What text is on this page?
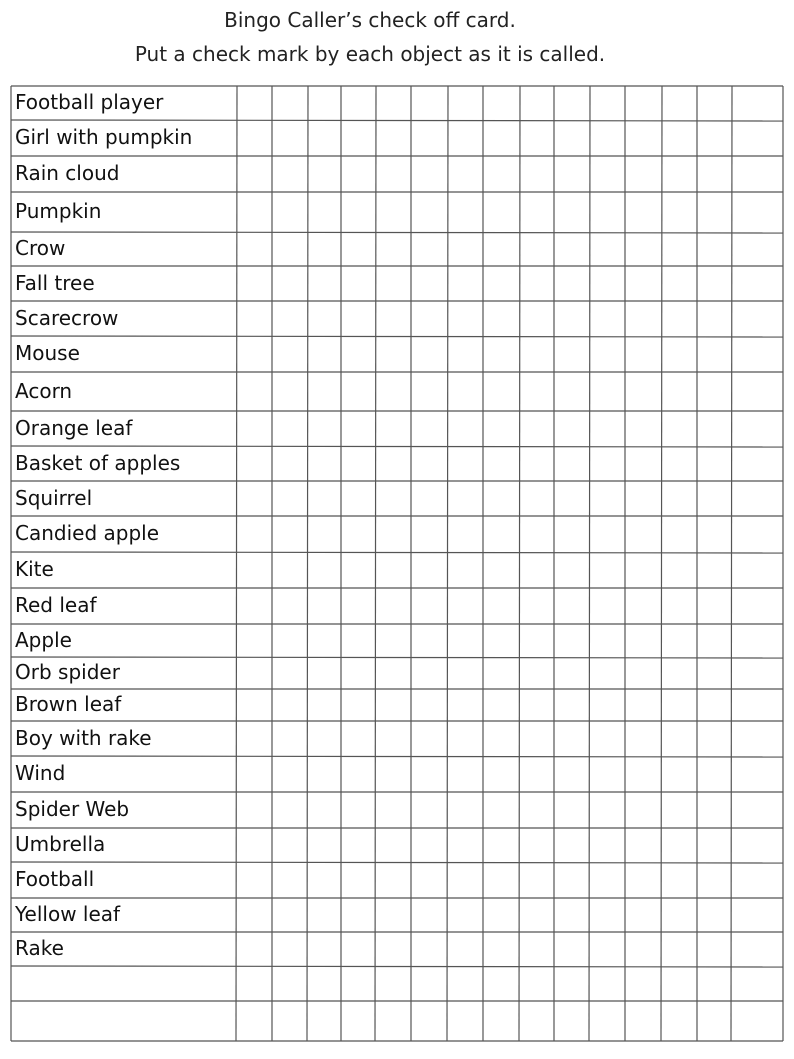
Bingo Caller’s check off card.
Put a check mark by each object as it is called.
Football player
Girl with pumpkin
Rain cloud
Pumpkin
Crow
Fall tree
Scarecrow
Mouse
Acorn
Orange leaf
Basket of apples
Squirrel
Candied apple
Kite
Red leaf
Apple
Orb spider
Brown leaf
Boy with rake
Wind
Spider Web
Umbrella
Football
Yellow leaf
Rake
